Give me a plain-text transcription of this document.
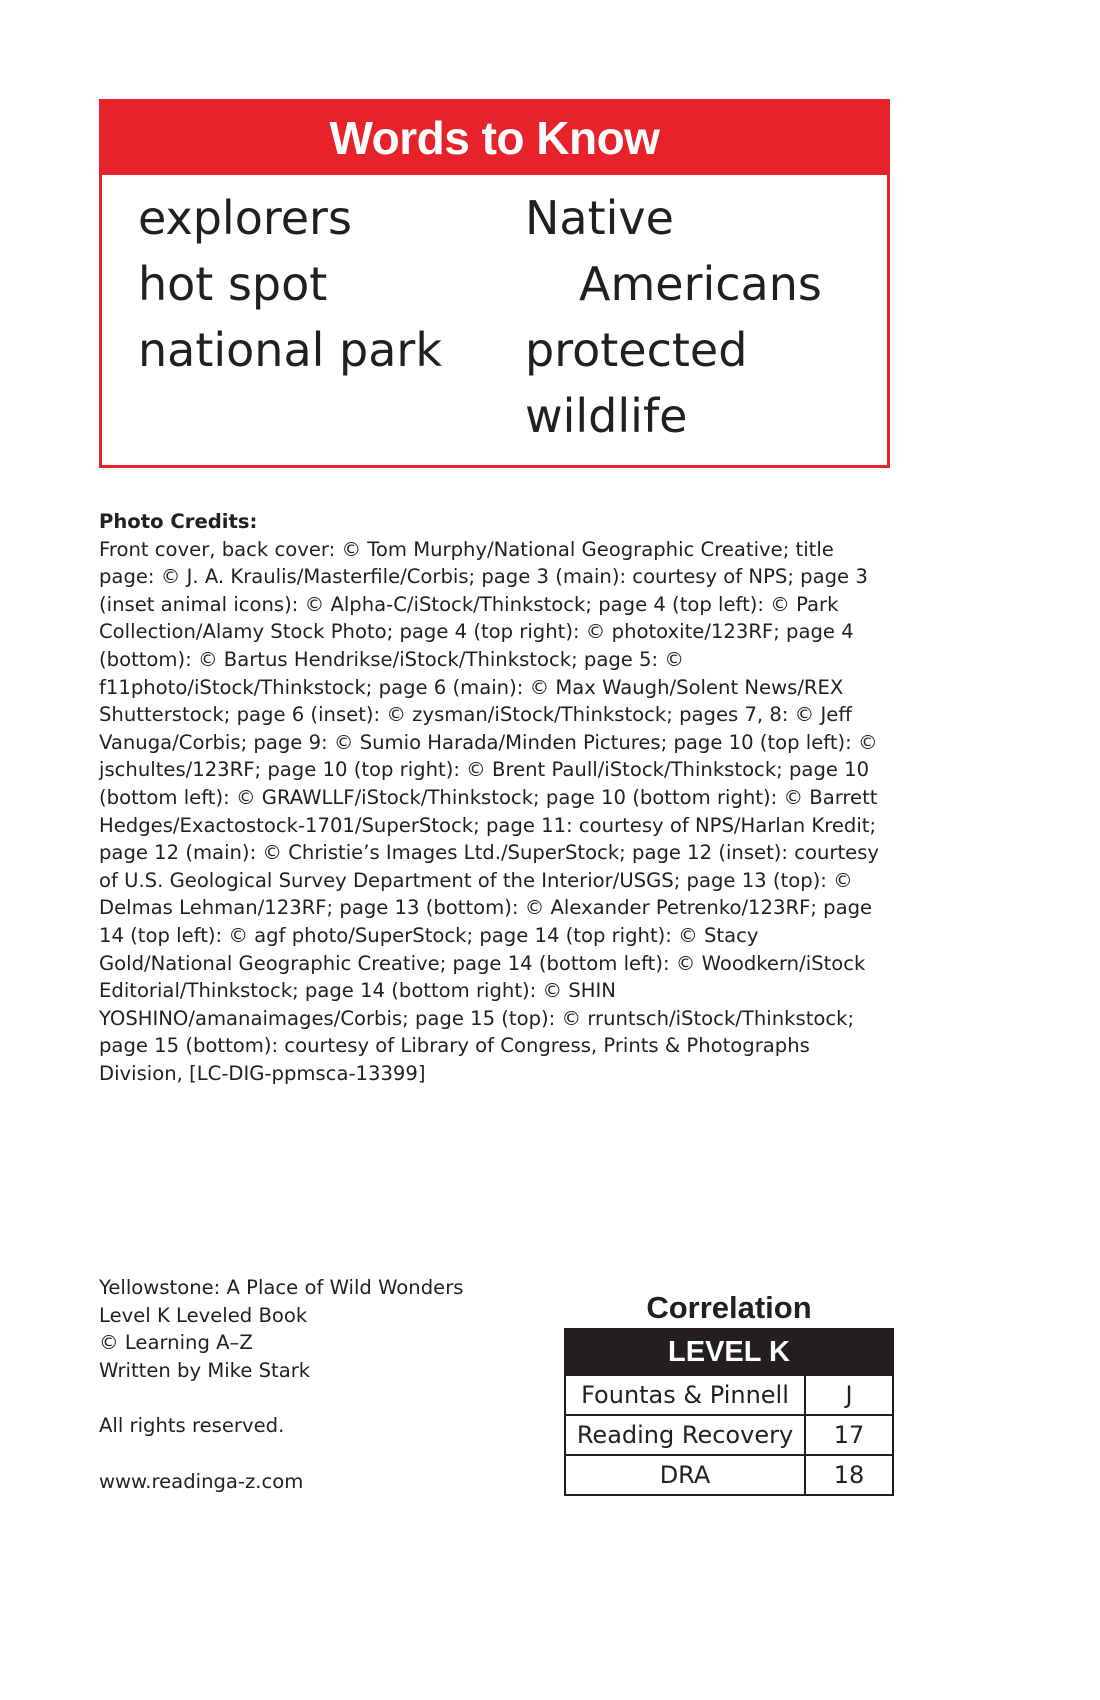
Words to Know
explorers
hot spot
national park
Native
Americans
protected
wildlife
Photo Credits:
Front cover, back cover: © Tom Murphy/National Geographic Creative; title page: © J. A. Kraulis/Masterfile/Corbis; page 3 (main): courtesy of NPS; page 3 (inset animal icons): © Alpha-C/iStock/Thinkstock; page 4 (top left): © Park Collection/Alamy Stock Photo; page 4 (top right): © photoxite/123RF; page 4 (bottom): © Bartus Hendrikse/iStock/Thinkstock; page 5: © f11photo/iStock/Thinkstock; page 6 (main): © Max Waugh/Solent News/REX Shutterstock; page 6 (inset): © zysman/iStock/Thinkstock; pages 7, 8: © Jeff Vanuga/Corbis; page 9: © Sumio Harada/Minden Pictures; page 10 (top left): © jschultes/123RF; page 10 (top right): © Brent Paull/iStock/Thinkstock; page 10 (bottom left): © GRAWLLF/iStock/Thinkstock; page 10 (bottom right): © Barrett Hedges/Exactostock-1701/SuperStock; page 11: courtesy of NPS/Harlan Kredit; page 12 (main): © Christie’s Images Ltd./SuperStock; page 12 (inset): courtesy of U.S. Geological Survey Department of the Interior/USGS; page 13 (top): © Delmas Lehman/123RF; page 13 (bottom): © Alexander Petrenko/123RF; page 14 (top left): © agf photo/SuperStock; page 14 (top right): © Stacy Gold/National Geographic Creative; page 14 (bottom left): © Woodkern/iStock Editorial/Thinkstock; page 14 (bottom right): © SHIN YOSHINO/amanaimages/Corbis; page 15 (top): © rruntsch/iStock/Thinkstock; page 15 (bottom): courtesy of Library of Congress, Prints & Photographs Division, [LC-DIG-ppmsca-13399]
Yellowstone: A Place of Wild Wonders
Level K Leveled Book
© Learning A–Z
Written by Mike Stark
All rights reserved.
www.readinga-z.com
Correlation
LEVEL K
Fountas & Pinnell	J
Reading Recovery	17
DRA	18
